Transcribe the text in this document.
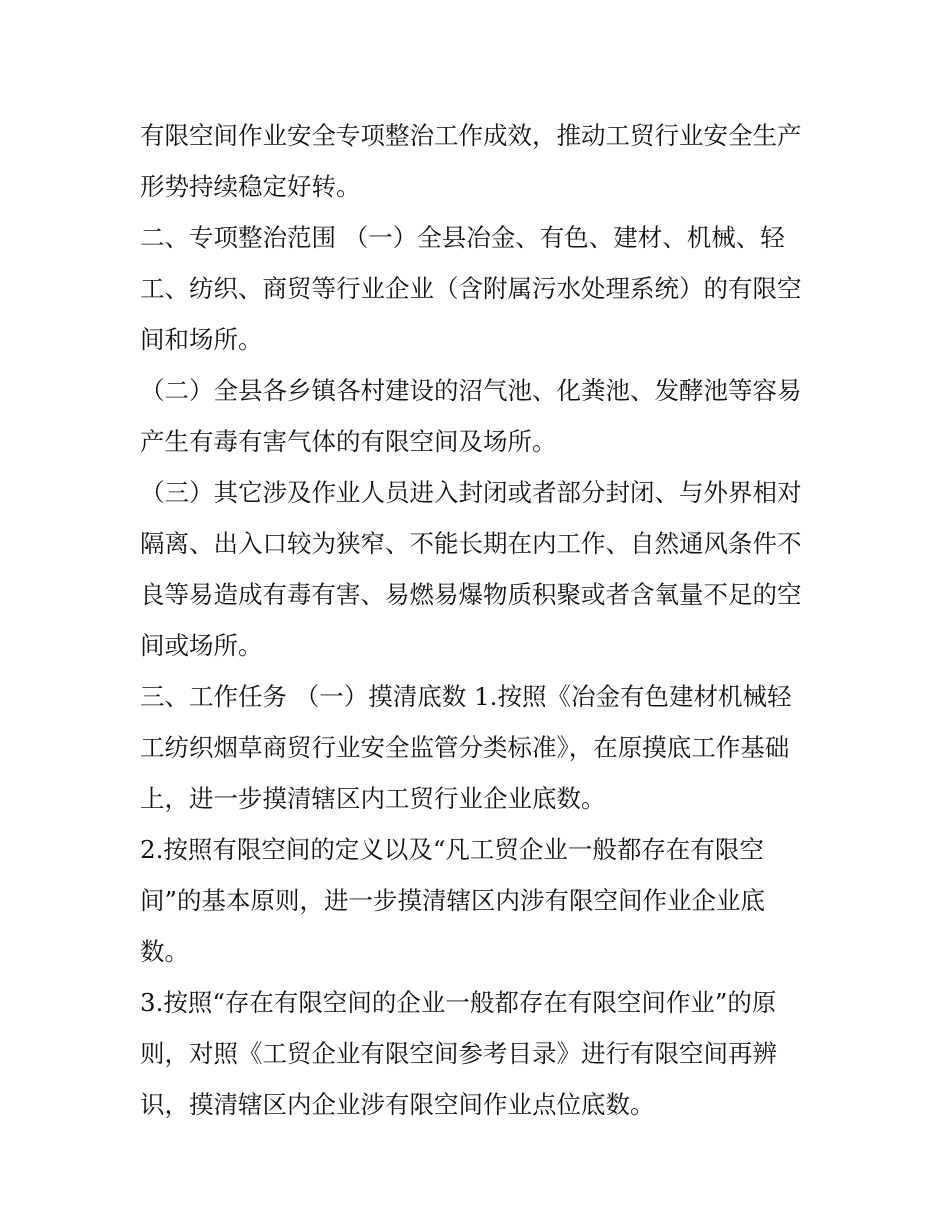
有限空间作业安全专项整治工作成效，推动工贸行业安全生产
形势持续稳定好转。
二、专项整治范围 （一）全县冶金、有色、建材、机械、轻
工、纺织、商贸等行业企业（含附属污水处理系统）的有限空
间和场所。
（二）全县各乡镇各村建设的沼气池、化粪池、发酵池等容易
产生有毒有害气体的有限空间及场所。
（三）其它涉及作业人员进入封闭或者部分封闭、与外界相对
隔离、出入口较为狭窄、不能长期在内工作、自然通风条件不
良等易造成有毒有害、易燃易爆物质积聚或者含氧量不足的空
间或场所。
三、工作任务 （一）摸清底数 1.按照《冶金有色建材机械轻
工纺织烟草商贸行业安全监管分类标准》，在原摸底工作基础
上，进一步摸清辖区内工贸行业企业底数。
2.按照有限空间的定义以及“凡工贸企业一般都存在有限空
间”的基本原则，进一步摸清辖区内涉有限空间作业企业底
数。
3.按照“存在有限空间的企业一般都存在有限空间作业”的原
则，对照《工贸企业有限空间参考目录》进行有限空间再辨
识，摸清辖区内企业涉有限空间作业点位底数。
